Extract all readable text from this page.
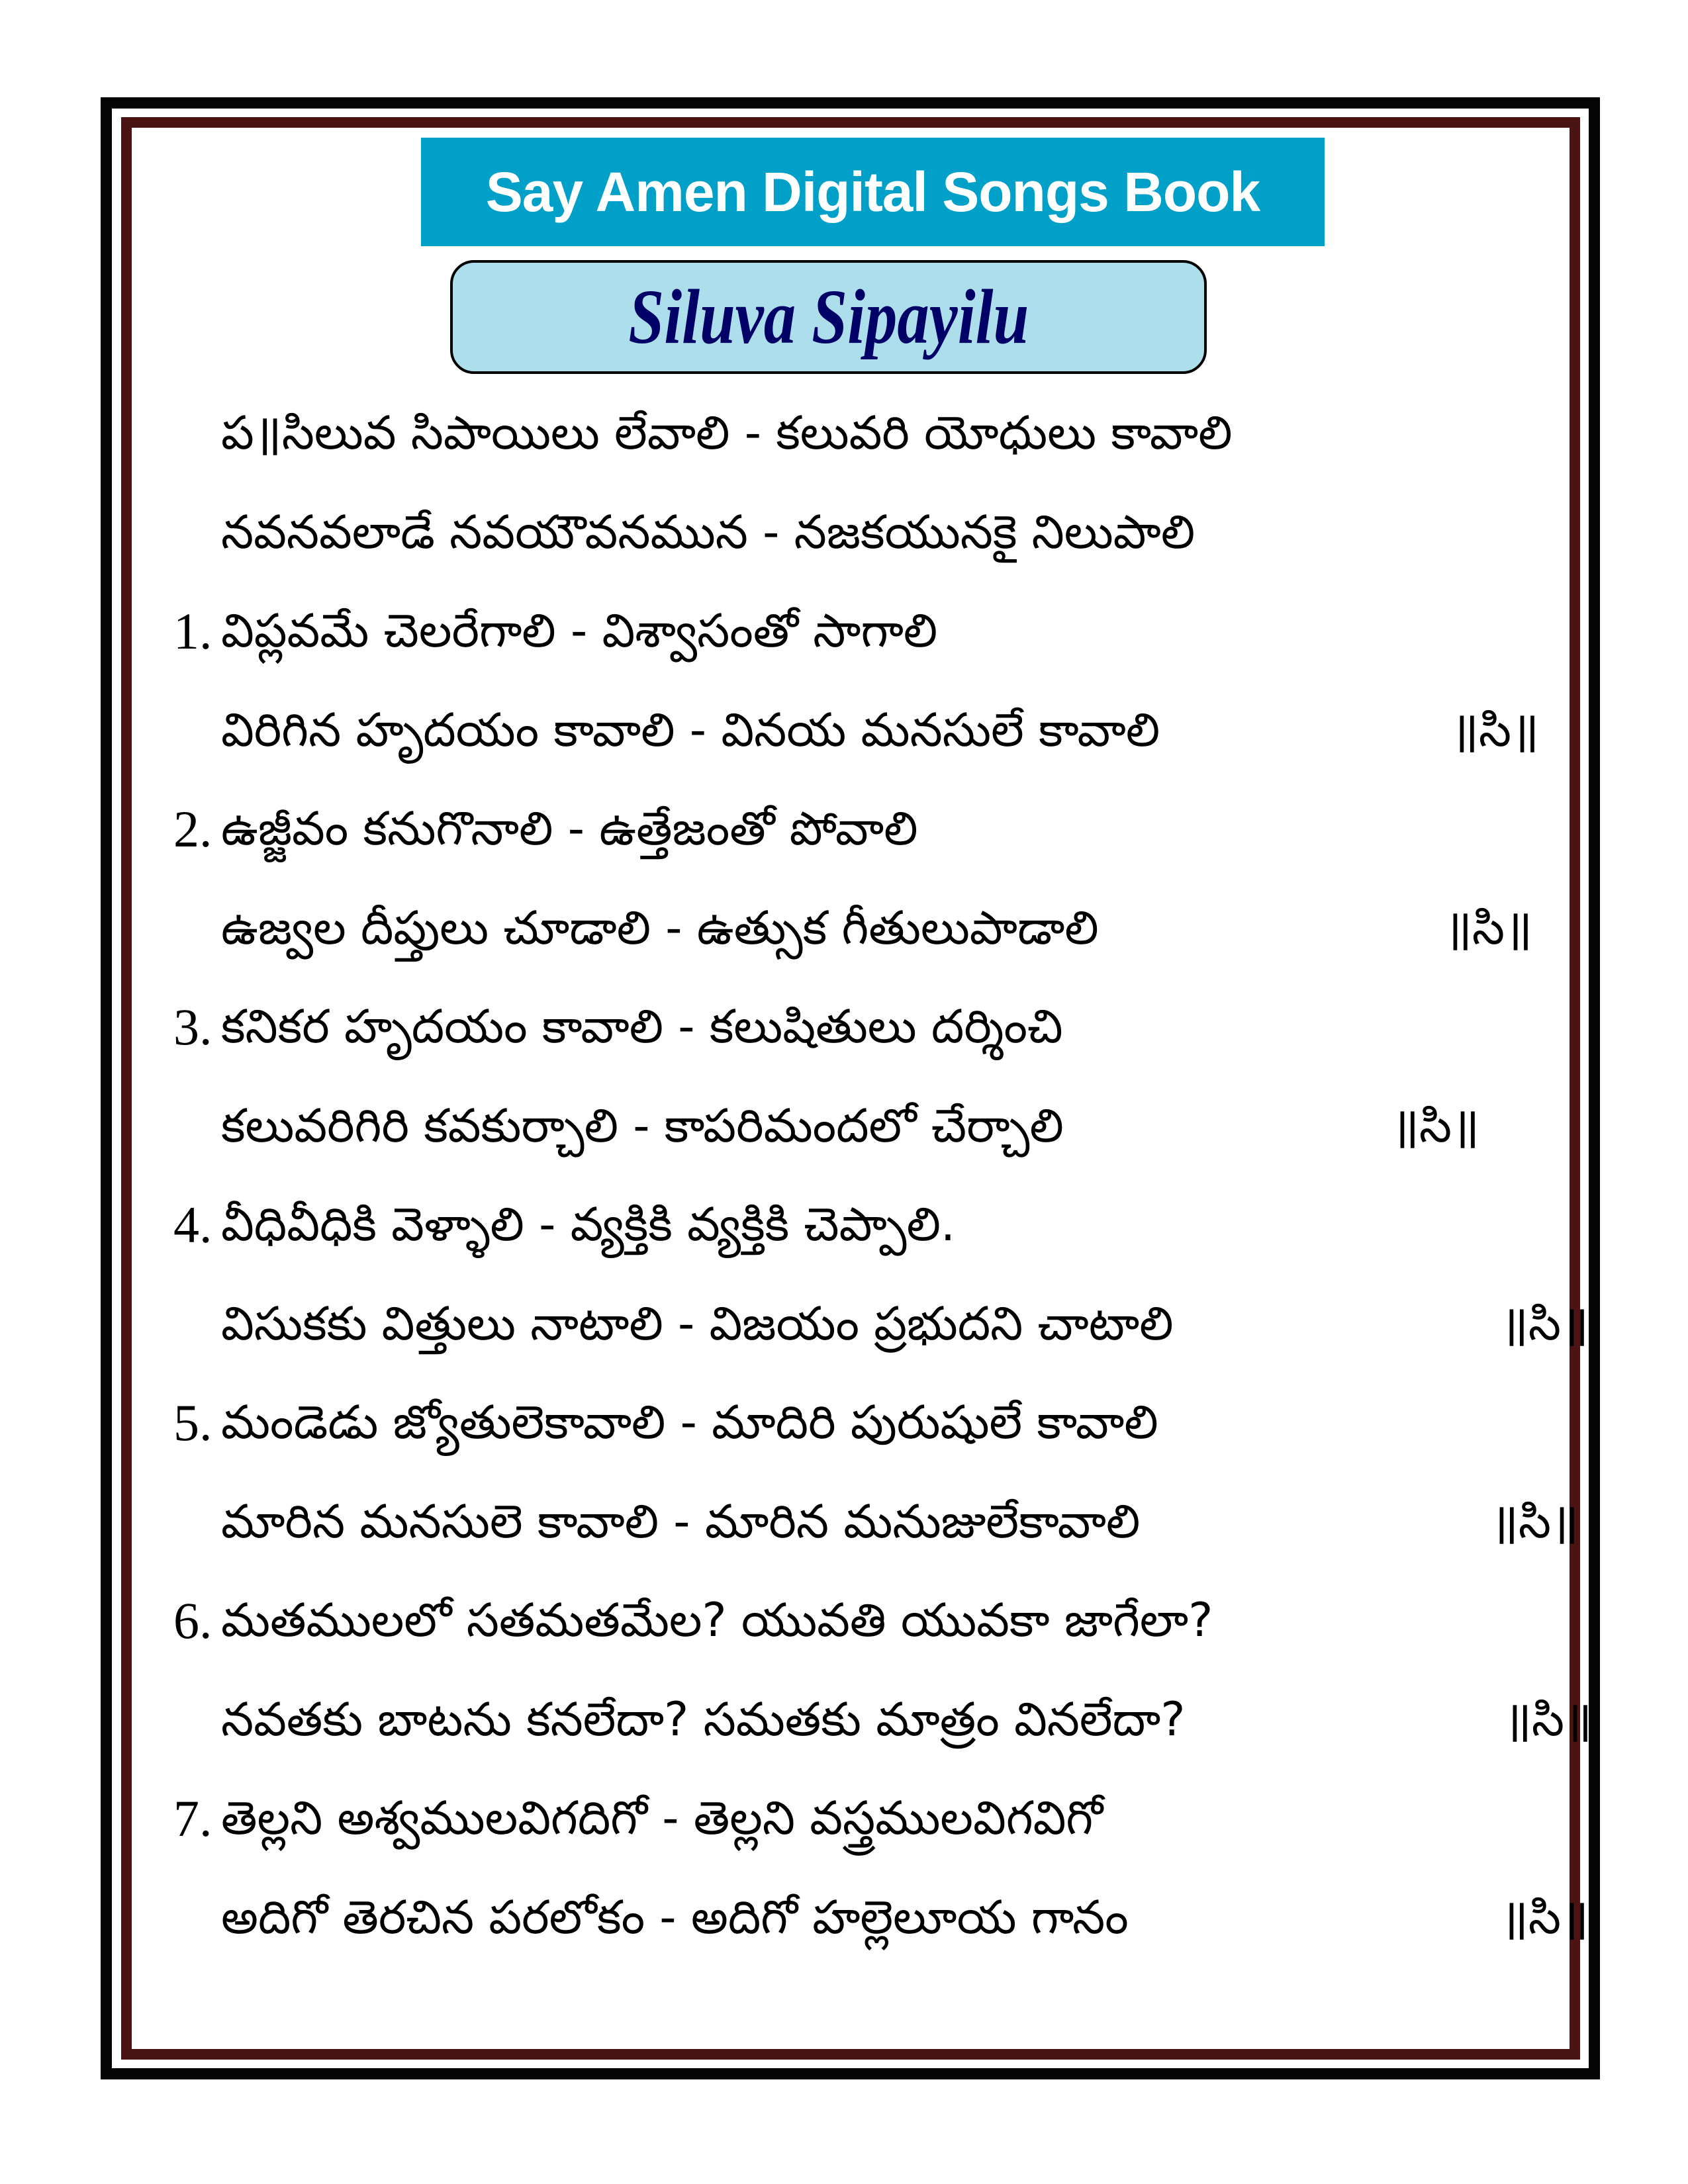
Say Amen Digital Songs Book
Siluva Sipayilu
ప॥సిలువ సిపాయిలు లేవాలి - కలువరి యోధులు కావాలి
నవనవలాడే నవయౌవనమున - నజకయునకై నిలుపాలి
1. విప్లవమే చెలరేగాలి - విశ్వాసంతో సాగాలి
విరిగిన హృదయం కావాలి - వినయ మనసులే కావాలి	॥సి॥
2. ఉజ్జీవం కనుగొనాలి - ఉత్తేజంతో పోవాలి
ఉజ్వల దీప్తులు చూడాలి - ఉత్సుక గీతులుపాడాలి	॥సి॥
3. కనికర హృదయం కావాలి - కలుషితులు దర్శించి
కలువరిగిరి కవకుర్చాలి - కాపరిమందలో చేర్చాలి	॥సి॥
4. వీధివీధికి వెళ్ళాలి - వ్యక్తికి వ్యక్తికి చెప్పాలి.
విసుకకు విత్తులు నాటాలి - విజయం ప్రభుదని చాటాలి	॥సి॥
5. మండెడు జ్యోతులెకావాలి - మాదిరి పురుషులే కావాలి
మారిన మనసులె కావాలి - మారిన మనుజులేకావాలి	॥సి॥
6. మతములలో సతమతమేల? యువతి యువకా జాగేలా?
నవతకు బాటను కనలేదా? సమతకు మాత్రం వినలేదా?	॥సి॥
7. తెల్లని అశ్వములవిగదిగో - తెల్లని వస్త్రములవిగవిగో
అదిగో తెరచిన పరలోకం - అదిగో హల్లెలూయ గానం	॥సి॥
